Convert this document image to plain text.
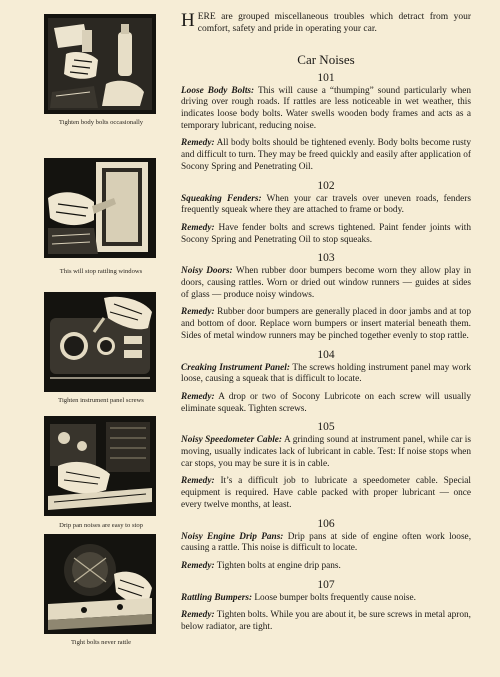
Tighten body bolts occasionally
This will stop rattling windows
Tighten instrument panel screws
Drip pan noises are easy to stop
Tight bolts never rattle

HERE are grouped miscellaneous troubles which detract from your comfort, safety and pride in operating your car.

Car Noises
101

Loose Body Bolts: This will cause a “thumping” sound particularly when driving over rough roads. If rattles are less noticeable in wet weather, this indicates loose body bolts. Water swells wooden body frames and acts as a temporary lubricant, reducing noise.

Remedy: All body bolts should be tightened evenly. Body bolts become rusty and difficult to turn. They may be freed quickly and easily after application of Socony Spring and Penetrating Oil.

102

Squeaking Fenders: When your car travels over uneven roads, fenders frequently squeak where they are attached to frame or body.

Remedy: Have fender bolts and screws tightened. Paint fender joints with Socony Spring and Penetrating Oil to stop squeaks.

103

Noisy Doors: When rubber door bumpers become worn they allow play in doors, causing rattles. Worn or dried out window runners — guides at sides of glass — produce noisy windows.

Remedy: Rubber door bumpers are generally placed in door jambs and at top and bottom of door. Replace worn bumpers or insert material beneath them. Sides of metal window runners may be pinched together evenly to stop rattle.

104

Creaking Instrument Panel: The screws holding instrument panel may work loose, causing a squeak that is difficult to locate.

Remedy: A drop or two of Socony Lubricote on each screw will usually eliminate squeak. Tighten screws.

105

Noisy Speedometer Cable: A grinding sound at instrument panel, while car is moving, usually indicates lack of lubricant in cable. Test: If noise stops when car stops, you may be sure it is in cable.

Remedy: It’s a difficult job to lubricate a speedometer cable. Special equipment is required. Have cable packed with proper lubricant — once every twelve months, at least.

106

Noisy Engine Drip Pans: Drip pans at side of engine often work loose, causing a rattle. This noise is difficult to locate.

Remedy: Tighten bolts at engine drip pans.

107

Rattling Bumpers: Loose bumper bolts frequently cause noise.

Remedy: Tighten bolts. While you are about it, be sure screws in metal apron, below radiator, are tight.
